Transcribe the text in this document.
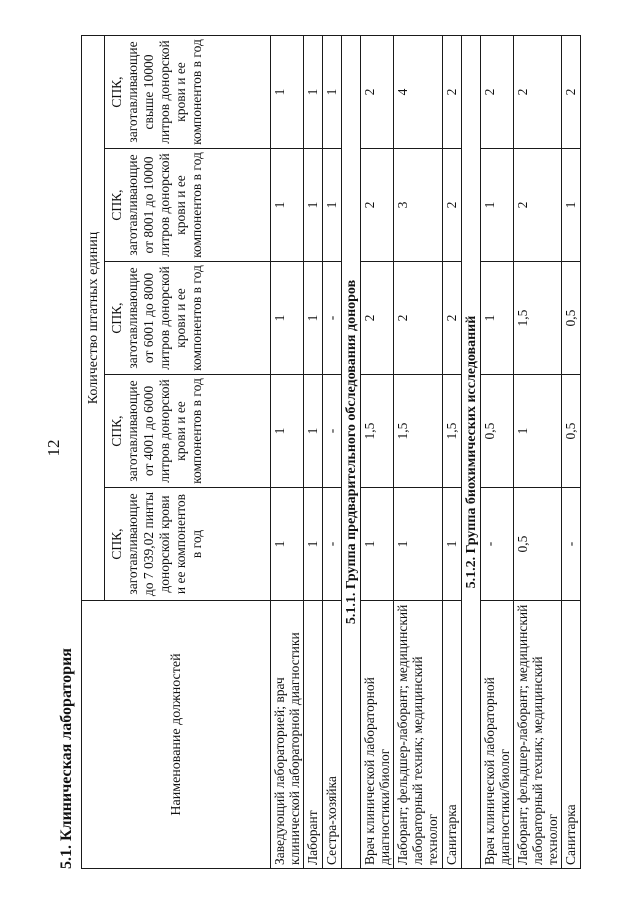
12
5.1. Клиническая лаборатория	Наименование должностей	Количество штатных единиц				
	СПК, заготавливающие до 7 039,02 пинты донорской крови и ее компонентов в год	СПК, заготавливающие от 4001 до 6000 литров донорской крови и ее компонентов в год	СПК, заготавливающие от 6001 до 8000 литров донорской крови и ее компонентов в год	СПК, заготавливающие от 8001 до 10000 литров донорской крови и ее компонентов в год	СПК, заготавливающие свыше 10000 литров донорской крови и ее компонентов в год
Заведующий лабораторией; врач клинической лабораторной диагностики	1	1	1	1	1
Лаборант	1	1	1	1	1
Сестра-хозяйка	-	-	-	1	1
5.1.1. Группа предварительного обследования доноров					
Врач клинической лабораторной диагностики/биолог	1	1,5	2	2	2
Лаборант; фельдшер-лаборант; медицинский лабораторный техник; медицинский технолог	1	1,5	2	3	4
Санитарка	1	1,5	2	2	2
5.1.2. Группа биохимических исследований					
Врач клинической лабораторной диагностики/биолог	-	0,5	1	1	2
Лаборант; фельдшер-лаборант; медицинский лабораторный техник; медицинский технолог	0,5	1	1,5	2	2
Санитарка	-	0,5	0,5	1	2
